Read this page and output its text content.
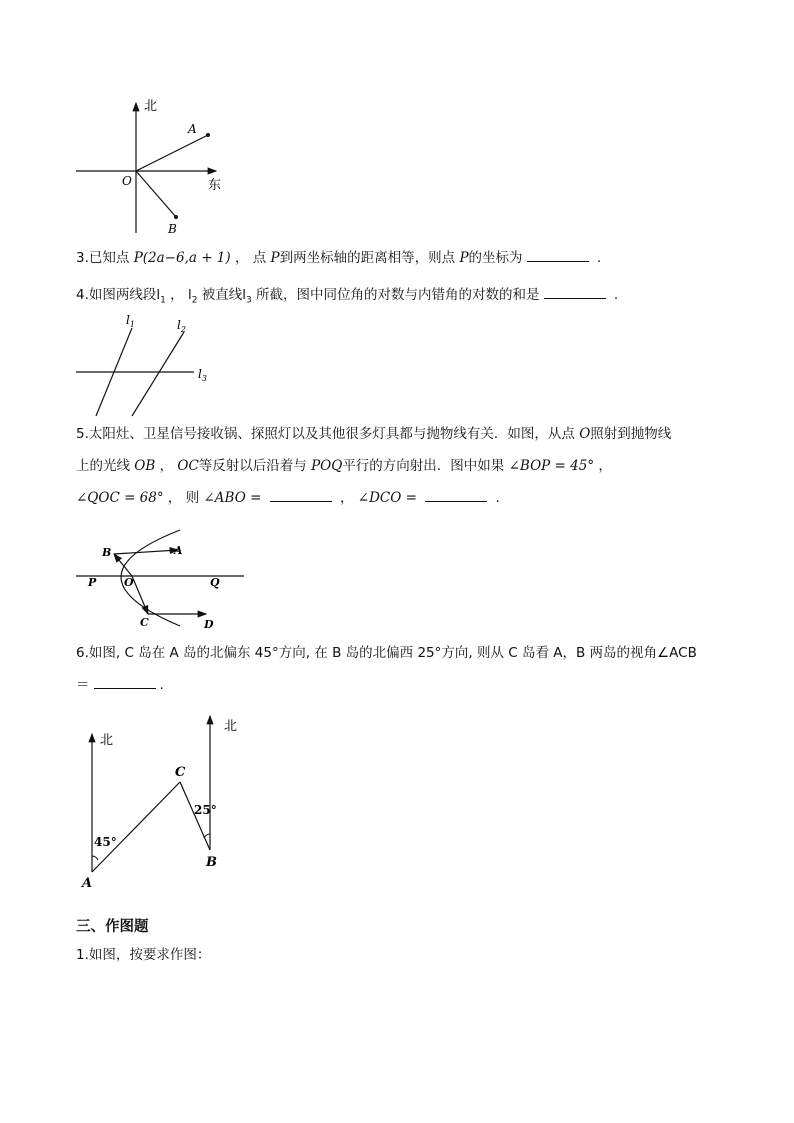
北
东
O
A
B
3.已知点 P(2a−6,a + 1) ， 点 P到两坐标轴的距离相等，则点 P的坐标为	.
4.如图两线段$l_1$ ， $l_2$ 被直线$l_3$ 所截，图中同位角的对数与内错角的对数的和是	.
$l_1$	$l_2$
$l_3$
5.太阳灶、卫星信号接收锅、探照灯以及其他很多灯具都与抛物线有关．如图，从点 O照射到抛物线
上的光线 OB ， OC等反射以后沿着与 POQ平行的方向射出．图中如果 ∠BOP = 45° ，
∠QOC = 68° ， 则 ∠ABO =	， ∠DCO =	.
B	A
P	O	Q
C	D
6.如图, C 岛在 A 岛的北偏东 45°方向, 在 B 岛的北偏西 25°方向, 则从 C 岛看 A，B 两岛的视角∠ACB
＝	.
北
北
A
B
C
45°
25°
三、作图题
1.如图，按要求作图：
